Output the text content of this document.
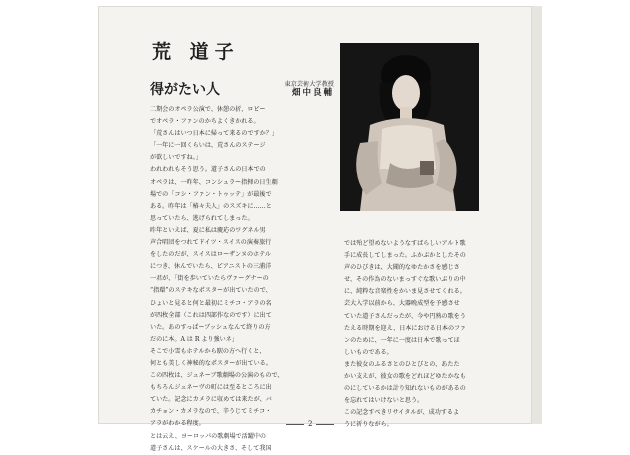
荒 道子
得がたい人	東京芸術大学教授
畑中良輔

二期会のオペラ公演で、休憩の折、ロビー

でオペラ・ファンのかちよくきかれる。

「荒さんはいつ日本に帰って来るのですか？」

「一年に一回くらいは、荒さんのステージ

が欲しいですね。」

われわれもそう思う。道子さんの日本での

オペラは、一昨年、コンシュラー指揮の日生劇

場での「コシ・ファン・トゥッテ」が最後で

ある。昨年は「椿々夫人」のスズキに……と

思っていたら、逃げられてしまった。

昨年といえば、夏に私は慶応のワグネル男

声合唱団をつれてドイツ・スイスの演奏旅行

をしたのだが、スイスはローザンヌのホテル

につき、休んでいたら、ピアニストの三浦洋

一君が、「街を歩いていたらヴァーグナーの

“指環”のステキなポスターが出ていたので、

ひょいと見ると何と最初にミチコ・アラの名

が四枚全部（これは四部作なのです）に出て

いた。あのすっぱーブッシュなんて終りの方

だのに本。A は R より強いネ」

そこで小雪もホテルから駅の方へ行くと、

何とも美しく神秘的なポスターが出ている。

この四枚は、ジュネーブ歌劇場の公演のもので、

もちろんジュネーヴの町には至るところに出

ていた。記念にカメラに収めては来たが、バ

カチョン・カメラなので、辛うじてミチコ・

アラがわかる程度。

とは云え、ヨーロッパの歌劇場で活躍中の

道子さんは、スケールの大きさ、そして我国

では殆ど望めないようなすばらしいアルト歌

手に成長してしまった。ふかぶかとしたその

声のひびきは、大聞的なゆたかさを感じさ

せ、その作為のないまっすぐな歌いぶりの中

に、純粋な音楽性をかいま見させてくれる。

芸大入学以前から、大器晩成型を予感させ

ていた道子さんだったが、今や円熟の歌をう

たえる時期を迎え、日本における日本のファ

ンのために、一年に一度は日本で歌ってほ

しいものである。

また彼女のふるさとのひとびとの、あたた

かい支えが、彼女の歌をどれほどゆたかなも

のにしているかは計り知れないものがあるの

を忘れてはいけないと思う。

この記念すべきリサイタルが、成功するよ

うに祈りながら。

2
